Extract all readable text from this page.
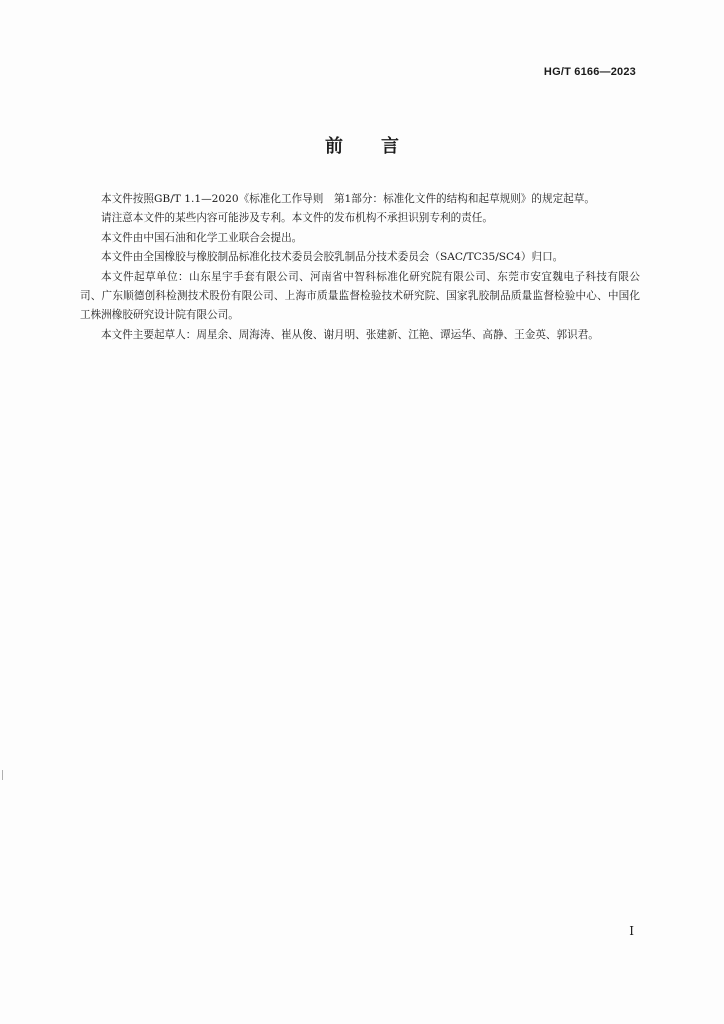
HG/T 6166—2023
前言

本文件按照GB/T 1.1—2020《标准化工作导则　第1部分：标准化文件的结构和起草规则》的规定起草。

请注意本文件的某些内容可能涉及专利。本文件的发布机构不承担识别专利的责任。

本文件由中国石油和化学工业联合会提出。

本文件由全国橡胶与橡胶制品标准化技术委员会胶乳制品分技术委员会（SAC/TC35/SC4）归口。

本文件起草单位：山东星宇手套有限公司、河南省中智科标准化研究院有限公司、东莞市安宜魏电子科技有限公司、广东顺德创科检测技术股份有限公司、上海市质量监督检验技术研究院、国家乳胶制品质量监督检验中心、中国化工株洲橡胶研究设计院有限公司。

本文件主要起草人：周星余、周海涛、崔从俊、谢月明、张建新、江艳、谭运华、高静、王金英、郭识君。

I
